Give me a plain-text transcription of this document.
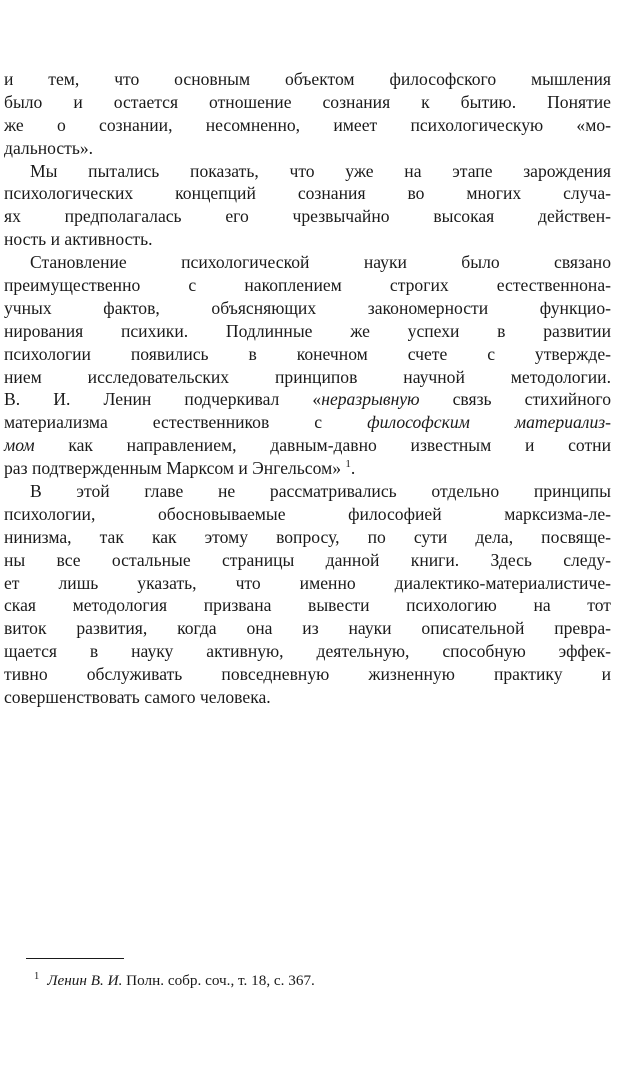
и тем, что основным объектом философского мышления
было и остается отношение сознания к бытию. Понятие
же о сознании, несомненно, имеет психологическую «мо-
дальность».
Мы пытались показать, что уже на этапе зарождения
психологических концепций сознания во многих случа-
ях предполагалась его чрезвычайно высокая действен-
ность и активность.
Становление психологической науки было связано
преимущественно с накоплением строгих естественнона-
учных фактов, объясняющих закономерности функцио-
нирования психики. Подлинные же успехи в развитии
психологии появились в конечном счете с утвержде-
нием исследовательских принципов научной методологии.
В. И. Ленин подчеркивал «неразрывную связь стихийного
материализма естественников с философским материализ-
мом как направлением, давным-давно известным и сотни
раз подтвержденным Марксом и Энгельсом» $^1$.
В этой главе не рассматривались отдельно принципы
психологии, обосновываемые философией марксизма-ле-
нинизма, так как этому вопросу, по сути дела, посвяще-
ны все остальные страницы данной книги. Здесь следу-
ет лишь указать, что именно диалектико-материалистиче-
ская методология призвана вывести психологию на тот
виток развития, когда она из науки описательной превра-
щается в науку активную, деятельную, способную эффек-
тивно обслуживать повседневную жизненную практику и
совершенствовать самого человека.
$^1$ Ленин В. И. Полн. собр. соч., т. 18, с. 367.
